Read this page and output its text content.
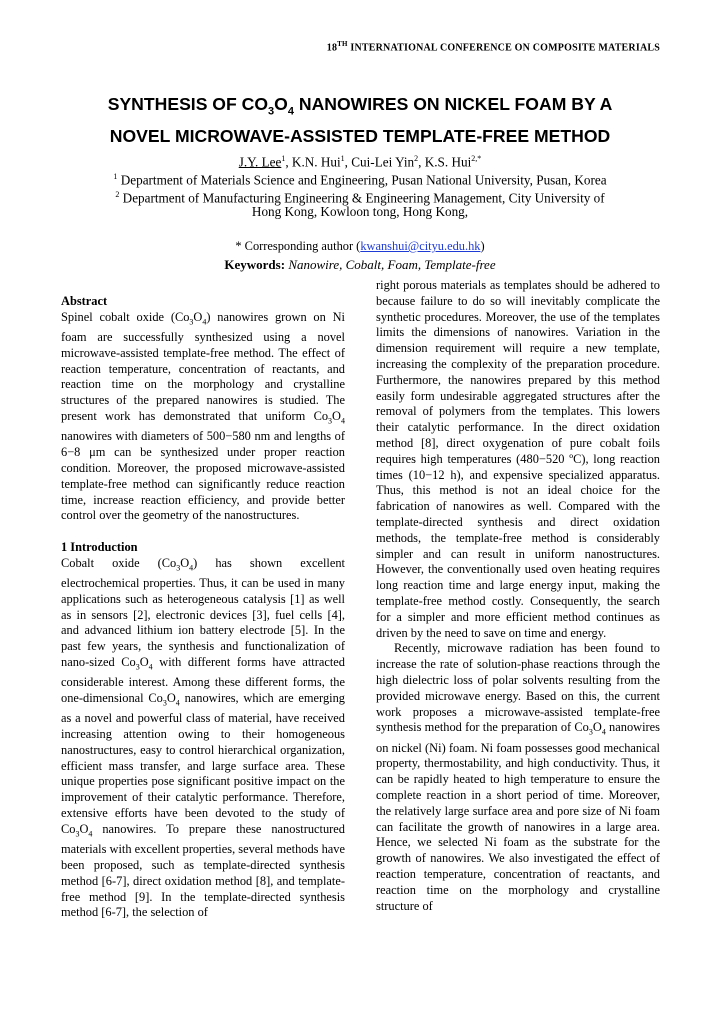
18TH INTERNATIONAL CONFERENCE ON COMPOSITE MATERIALS
SYNTHESIS OF $CO_3O_4$ NANOWIRES ON NICKEL FOAM BY A
NOVEL MICROWAVE-ASSISTED TEMPLATE-FREE METHOD
J.Y. Lee$^1$, K.N. Hui$^1$, Cui-Lei Yin$^2$, K.S. Hui$^{2,*}$
$^1$ Department of Materials Science and Engineering, Pusan National University, Pusan, Korea
$^2$ Department of Manufacturing Engineering & Engineering Management, City University of
Hong Kong, Kowloon tong, Hong Kong,
* Corresponding author (kwanshui@cityu.edu.hk)
Keywords: Nanowire, Cobalt, Foam, Template-free

Abstract

Spinel cobalt oxide $(Co_3O_4)$ nanowires grown on Ni foam are successfully synthesized using a novel microwave-assisted template-free method. The effect of reaction temperature, concentration of reactants, and reaction time on the morphology and crystalline structures of the prepared nanowires is studied. The present work has demonstrated that uniform $Co_3O_4$ nanowires with diameters of 500−580 nm and lengths of 6−8 μm can be synthesized under proper reaction condition. Moreover, the proposed microwave-assisted template-free method can significantly reduce reaction time, increase reaction efficiency, and provide better control over the geometry of the nanostructures.

1 Introduction

Cobalt oxide $(Co_3O_4)$ has shown excellent electrochemical properties. Thus, it can be used in many applications such as heterogeneous catalysis [1] as well as in sensors [2], electronic devices [3], fuel cells [4], and advanced lithium ion battery electrode [5]. In the past few years, the synthesis and functionalization of nano-sized $Co_3O_4$ with different forms have attracted considerable interest. Among these different forms, the one-dimensional $Co_3O_4$ nanowires, which are emerging as a novel and powerful class of material, have received increasing attention owing to their homogeneous nanostructures, easy to control hierarchical organization, efficient mass transfer, and large surface area. These unique properties pose significant positive impact on the improvement of their catalytic performance. Therefore, extensive efforts have been devoted to the study of $Co_3O_4$ nanowires. To prepare these nanostructured materials with excellent properties, several methods have been proposed, such as template-directed synthesis method [6-7], direct oxidation method [8], and template-free method [9]. In the template-directed synthesis method [6-7], the selection of

right porous materials as templates should be adhered to because failure to do so will inevitably complicate the synthetic procedures. Moreover, the use of the templates limits the dimensions of nanowires. Variation in the dimension requirement will require a new template, increasing the complexity of the preparation procedure. Furthermore, the nanowires prepared by this method easily form undesirable aggregated structures after the removal of polymers from the templates. This lowers their catalytic performance. In the direct oxidation method [8], direct oxygenation of pure cobalt foils requires high temperatures (480−520 ºC), long reaction times (10−12 h), and expensive specialized apparatus. Thus, this method is not an ideal choice for the fabrication of nanowires as well. Compared with the template-directed synthesis and direct oxidation methods, the template-free method is considerably simpler and can result in uniform nanostructures. However, the conventionally used oven heating requires long reaction time and large energy input, making the template-free method costly. Consequently, the search for a simpler and more efficient method continues as driven by the need to save on time and energy.

Recently, microwave radiation has been found to increase the rate of solution-phase reactions through the high dielectric loss of polar solvents resulting from the provided microwave energy. Based on this, the current work proposes a microwave-assisted template-free synthesis method for the preparation of $Co_3O_4$ nanowires on nickel (Ni) foam. Ni foam possesses good mechanical property, thermostability, and high conductivity. Thus, it can be rapidly heated to high temperature to ensure the complete reaction in a short period of time. Moreover, the relatively large surface area and pore size of Ni foam can facilitate the growth of nanowires in a large area. Hence, we selected Ni foam as the substrate for the growth of nanowires. We also investigated the effect of reaction temperature, concentration of reactants, and reaction time on the morphology and crystalline structure of
